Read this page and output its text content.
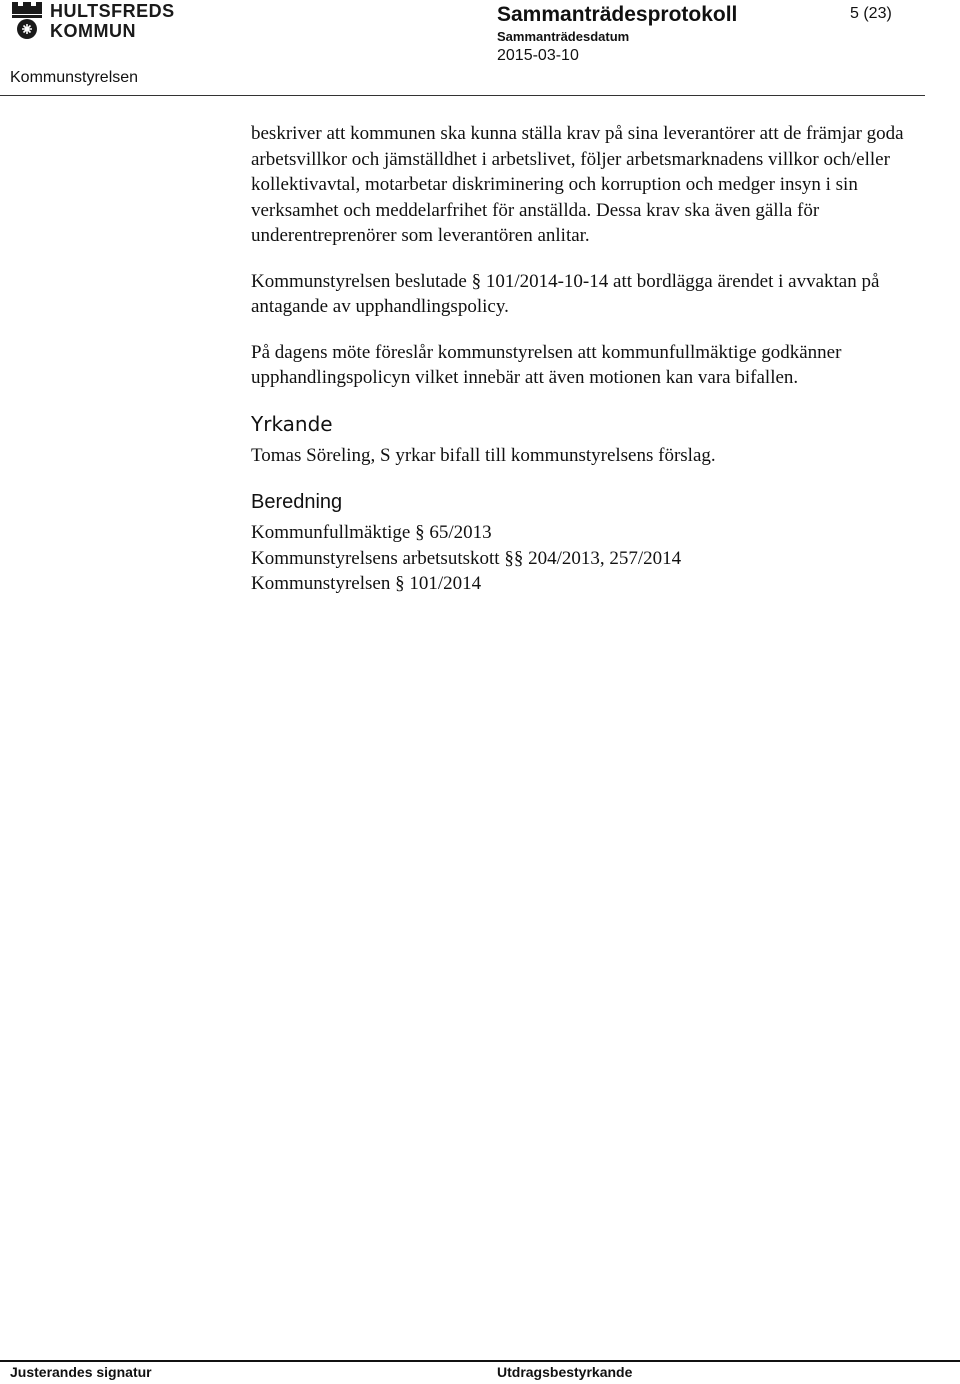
HULTSFREDS
KOMMUN
Kommunstyrelsen
Sammanträdesprotokoll
Sammanträdesdatum
2015-03-10
5 (23)

beskriver att kommunen ska kunna ställa krav på sina leverantörer att de främjar goda arbetsvillkor och jämställdhet i arbetslivet, följer arbetsmarknadens villkor och/eller kollektivavtal, motarbetar diskriminering och korruption och medger insyn i sin verksamhet och meddelarfrihet för anställda. Dessa krav ska även gälla för underentreprenörer som leverantören anlitar.

Kommunstyrelsen beslutade § 101/2014-10-14 att bordlägga ärendet i avvaktan på antagande av upphandlingspolicy.

På dagens möte föreslår kommunstyrelsen att kommunfullmäktige godkänner upphandlingspolicyn vilket innebär att även motionen kan vara bifallen.

Yrkande

Tomas Söreling, S yrkar bifall till kommunstyrelsens förslag.

Beredning
Kommunfullmäktige § 65/2013
Kommunstyrelsens arbetsutskott §§ 204/2013, 257/2014
Kommunstyrelsen § 101/2014
Justerandes signatur	Utdragsbestyrkande
